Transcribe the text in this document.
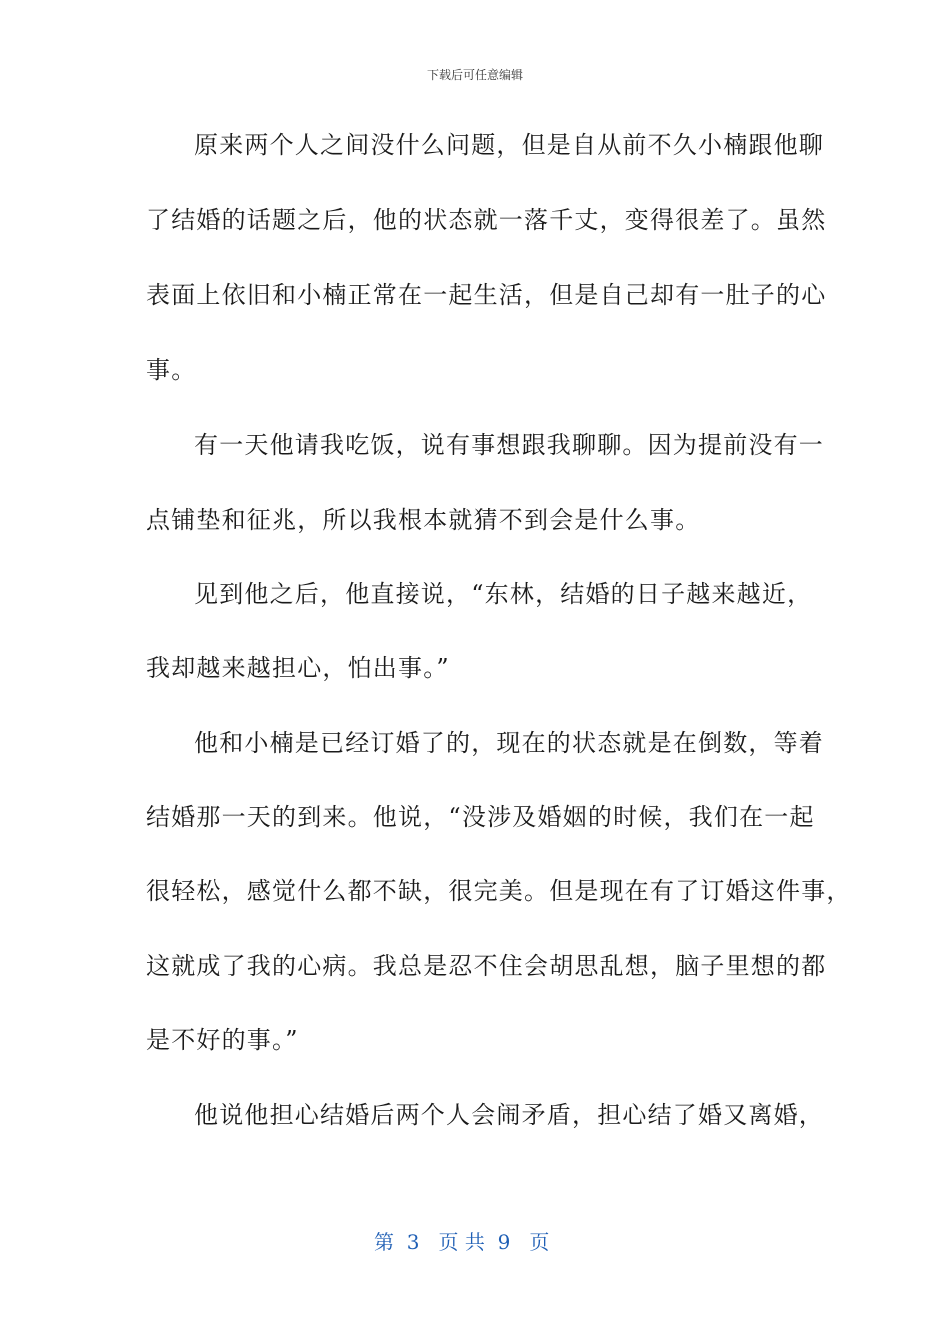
下载后可任意编辑
原来两个人之间没什么问题，但是自从前不久小楠跟他聊
了结婚的话题之后，他的状态就一落千丈，变得很差了。虽然
表面上依旧和小楠正常在一起生活，但是自己却有一肚子的心
事。
有一天他请我吃饭，说有事想跟我聊聊。因为提前没有一
点铺垫和征兆，所以我根本就猜不到会是什么事。
见到他之后，他直接说，“东林，结婚的日子越来越近，
我却越来越担心，怕出事。”
他和小楠是已经订婚了的，现在的状态就是在倒数，等着
结婚那一天的到来。他说，“没涉及婚姻的时候，我们在一起
很轻松，感觉什么都不缺，很完美。但是现在有了订婚这件事，
这就成了我的心病。我总是忍不住会胡思乱想，脑子里想的都
是不好的事。”
他说他担心结婚后两个人会闹矛盾，担心结了婚又离婚，
第  3   页 共  9   页
